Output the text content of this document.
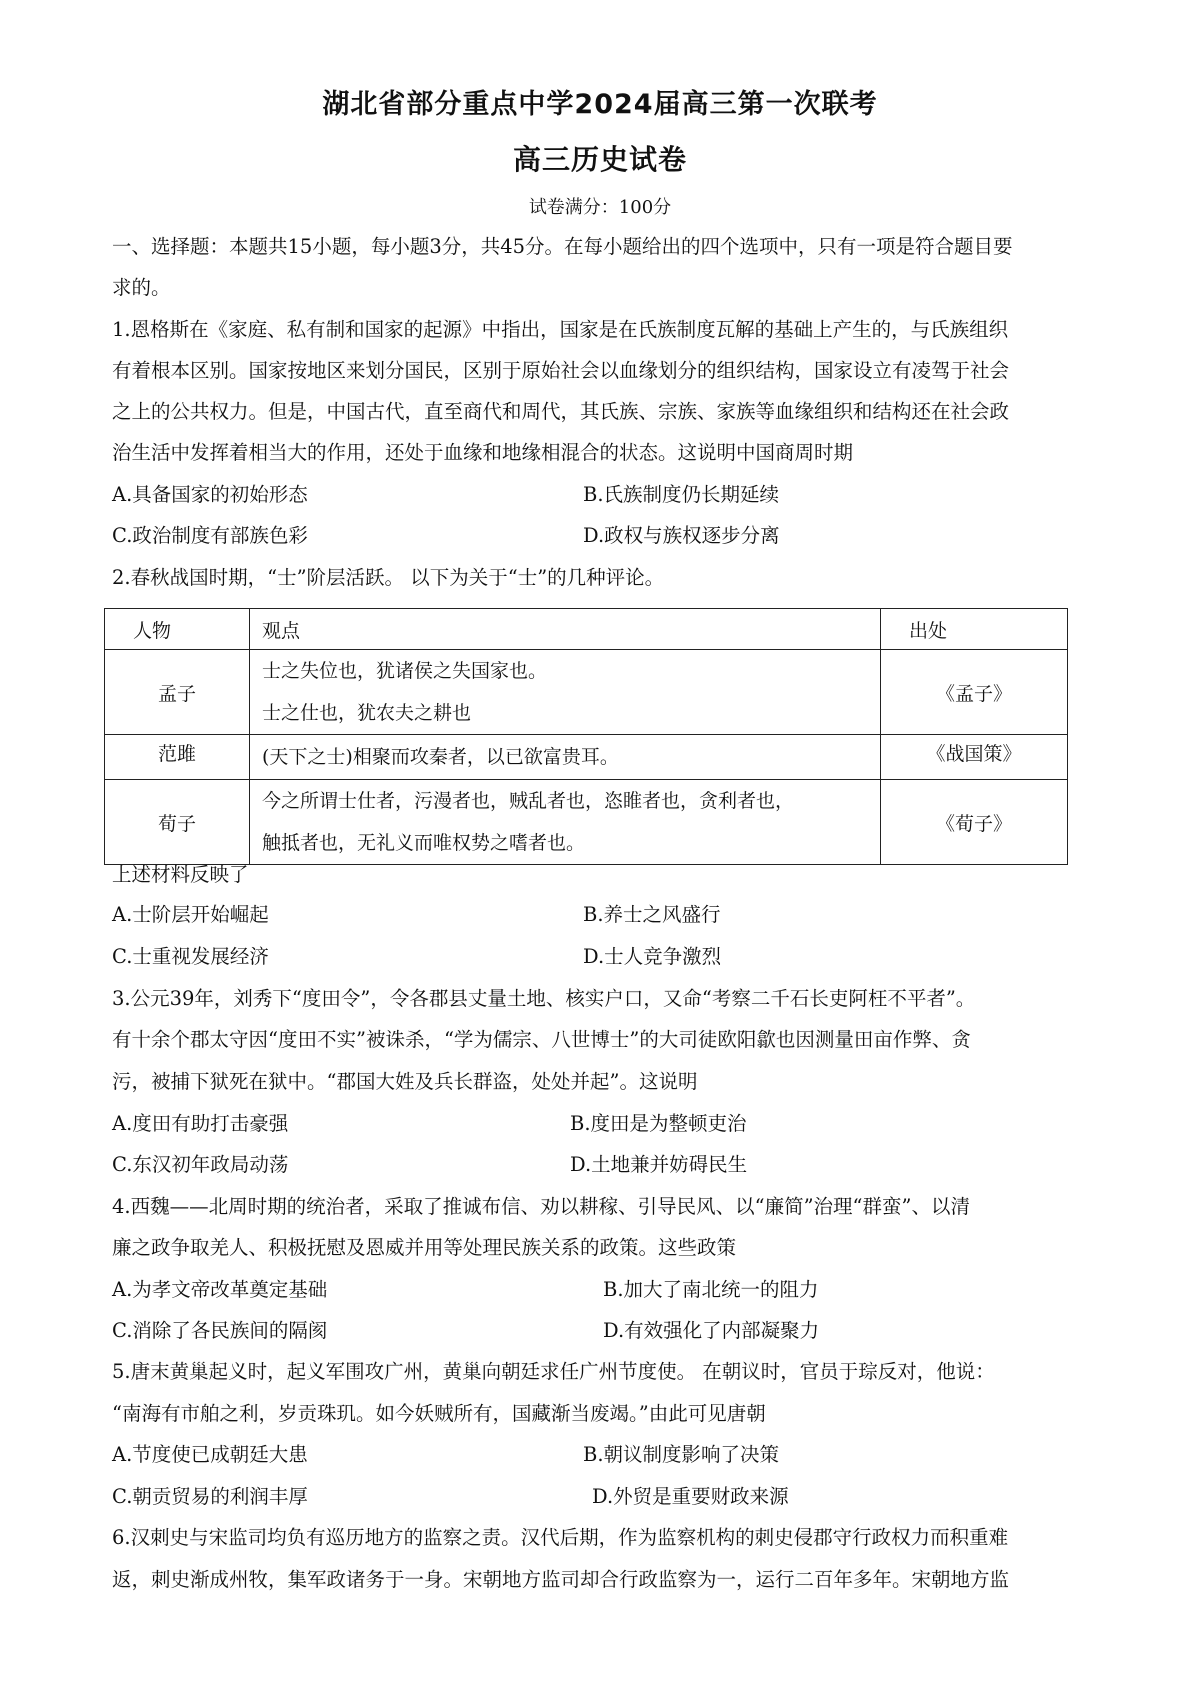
湖北省部分重点中学2024届高三第一次联考
高三历史试卷
试卷满分：100分
一、选择题：本题共15小题，每小题3分，共45分。在每小题给出的四个选项中，只有一项是符合题目要
求的。
1.恩格斯在《家庭、私有制和国家的起源》中指出，国家是在氏族制度瓦解的基础上产生的，与氏族组织
有着根本区别。国家按地区来划分国民，区别于原始社会以血缘划分的组织结构，国家设立有凌驾于社会
之上的公共权力。但是，中国古代，直至商代和周代，其氏族、宗族、家族等血缘组织和结构还在社会政
治生活中发挥着相当大的作用，还处于血缘和地缘相混合的状态。这说明中国商周时期
A.具备国家的初始形态	B.氏族制度仍长期延续
C.政治制度有部族色彩	D.政权与族权逐步分离
2.春秋战国时期，“士”阶层活跃。 以下为关于“士”的几种评论。
人物	观点	出处
孟子	士之失位也，犹诸侯之失国家也。
士之仕也，犹农夫之耕也	《孟子》
范雎	(天下之士)相聚而攻秦者，以已欲富贵耳。	《战国策》
荀子	今之所谓士仕者，污漫者也，贼乱者也，恣睢者也，贪利者也，
触抵者也，无礼义而唯权势之嗜者也。	《荀子》
上述材料反映了
A.士阶层开始崛起	B.养士之风盛行
C.士重视发展经济	D.士人竞争激烈
3.公元39年，刘秀下“度田令”，令各郡县丈量土地、核实户口，又命“考察二千石长吏阿枉不平者”。
有十余个郡太守因“度田不实”被诛杀，“学为儒宗、八世博士”的大司徒欧阳歙也因测量田亩作弊、贪
污，被捕下狱死在狱中。“郡国大姓及兵长群盗，处处并起”。这说明
A.度田有助打击豪强	B.度田是为整顿吏治
C.东汉初年政局动荡	D.土地兼并妨碍民生
4.西魏——北周时期的统治者，采取了推诚布信、劝以耕稼、引导民风、以“廉简”治理“群蛮”、以清
廉之政争取羌人、积极抚慰及恩威并用等处理民族关系的政策。这些政策
A.为孝文帝改革奠定基础	B.加大了南北统一的阻力
C.消除了各民族间的隔阂	D.有效强化了内部凝聚力
5.唐末黄巢起义时，起义军围攻广州，黄巢向朝廷求任广州节度使。 在朝议时，官员于琮反对，他说：
“南海有市舶之利，岁贡珠玑。如今妖贼所有，国藏渐当废竭。”由此可见唐朝
A.节度使已成朝廷大患	B.朝议制度影响了决策
C.朝贡贸易的利润丰厚	D.外贸是重要财政来源
6.汉刺史与宋监司均负有巡历地方的监察之责。汉代后期，作为监察机构的刺史侵郡守行政权力而积重难
返，刺史渐成州牧，集军政诸务于一身。宋朝地方监司却合行政监察为一，运行二百年多年。宋朝地方监
